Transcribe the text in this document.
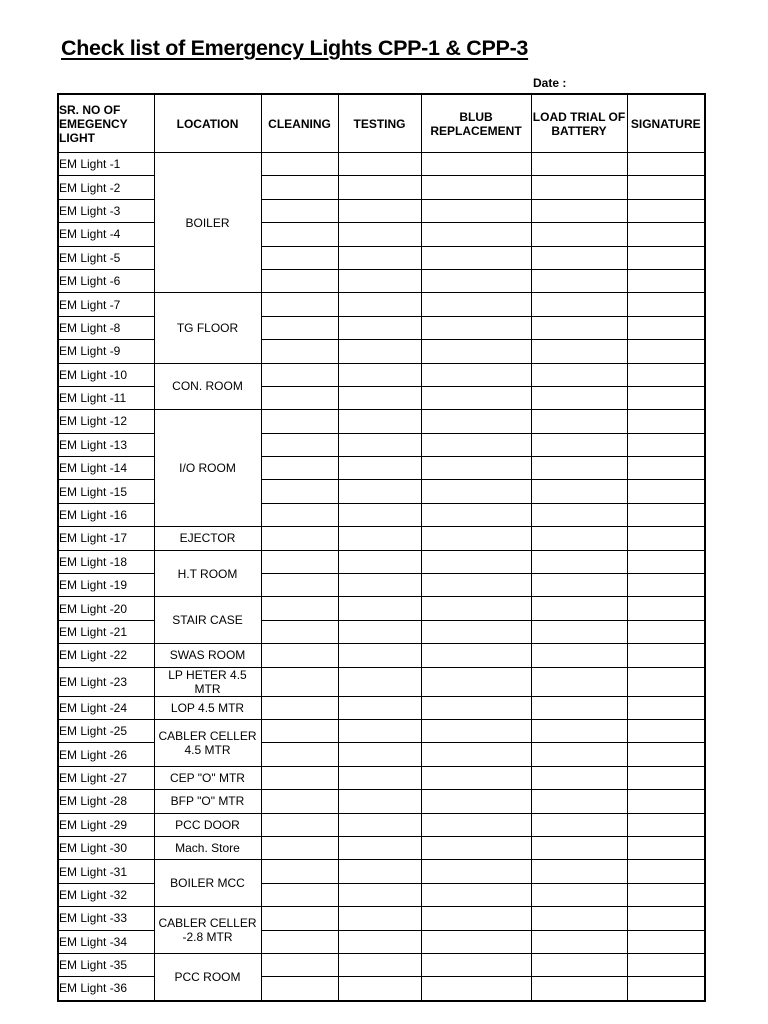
Check list of Emergency Lights CPP-1 & CPP-3
Date :
SR. NO OF
EMEGENCY
LIGHT	LOCATION	CLEANING	TESTING	BLUB
REPLACEMENT	LOAD TRIAL OF
BATTERY	SIGNATURE
EM Light -1	BOILER					
EM Light -2						
EM Light -3						
EM Light -4						
EM Light -5						
EM Light -6						
EM Light -7	TG FLOOR					
EM Light -8						
EM Light -9						
EM Light -10	CON. ROOM					
EM Light -11						
EM Light -12	I/O ROOM					
EM Light -13						
EM Light -14						
EM Light -15						
EM Light -16						
EM Light -17	EJECTOR					
EM Light -18	H.T ROOM					
EM Light -19						
EM Light -20	STAIR CASE					
EM Light -21						
EM Light -22	SWAS ROOM					
EM Light -23	LP HETER 4.5 MTR					
EM Light -24	LOP 4.5 MTR					
EM Light -25	CABLER CELLER
4.5 MTR					
EM Light -26						
EM Light -27	CEP "O" MTR					
EM Light -28	BFP "O" MTR					
EM Light -29	PCC DOOR					
EM Light -30	Mach. Store					
EM Light -31	BOILER MCC					
EM Light -32						
EM Light -33	CABLER CELLER
-2.8 MTR					
EM Light -34						
EM Light -35	PCC ROOM					
EM Light -36						
